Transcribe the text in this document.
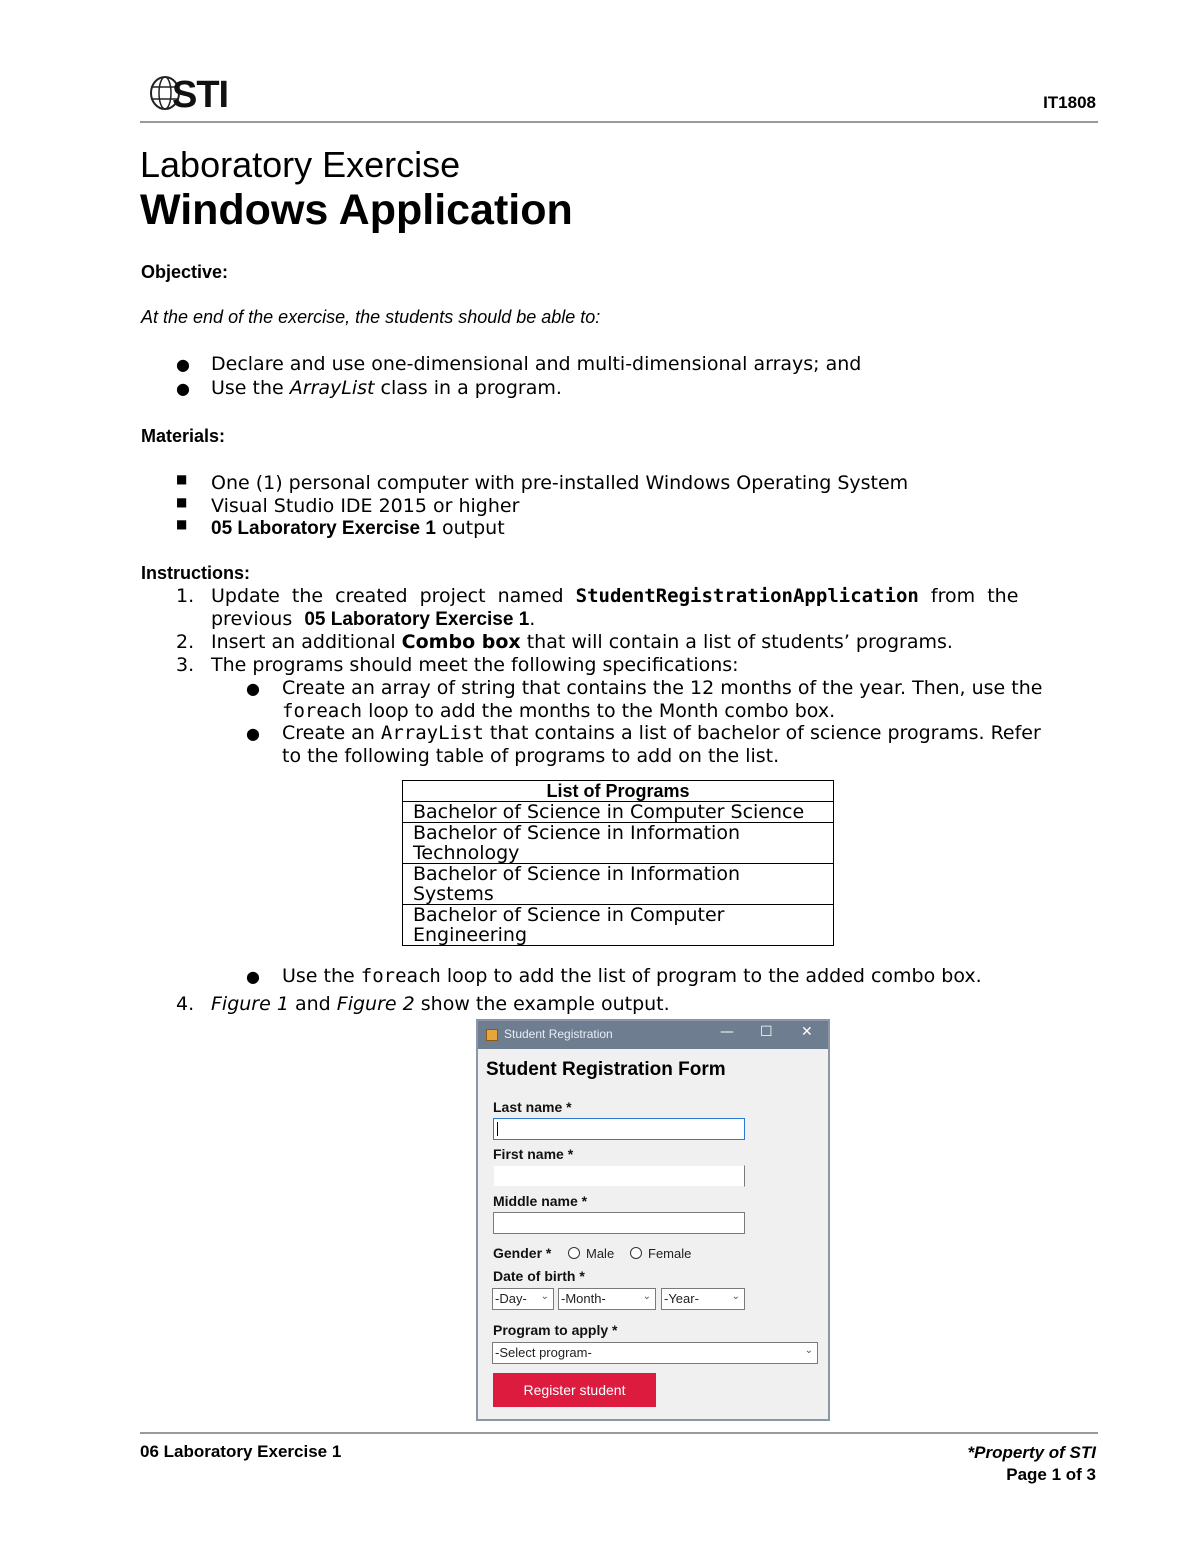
STI	IT1808
Laboratory Exercise
Windows Application
Objective:
At the end of the exercise, the students should be able to:
● Declare and use one-dimensional and multi-dimensional arrays; and
● Use the ArrayList class in a program.
Materials:
■ One (1) personal computer with pre-installed Windows Operating System
■ Visual Studio IDE 2015 or higher
■ 05 Laboratory Exercise 1 output
Instructions:
1. Update  the  created  project  named  StudentRegistrationApplication  from  the
previous  05 Laboratory Exercise 1.
2. Insert an additional Combo box that will contain a list of students’ programs.
3. The programs should meet the following specifications:
● Create an array of string that contains the 12 months of the year. Then, use the
foreach loop to add the months to the Month combo box.
● Create an ArrayList that contains a list of bachelor of science programs. Refer
to the following table of programs to add on the list.
List of Programs
Bachelor of Science in Computer Science
Bachelor of Science in Information Technology
Bachelor of Science in Information Systems
Bachelor of Science in Computer Engineering
● Use the foreach loop to add the list of program to the added combo box.
4. Figure 1 and Figure 2 show the example output.
Student Registration	— ☐ ✕
Student Registration Form
Last name *
First name *
Middle name *
Gender *	Male	Female
Date of birth *
-Day- ⌄ -Month-	⌄ -Year-	⌄
Program to apply *
-Select program-	⌄
Register student
06 Laboratory Exercise 1	*Property of STI
Page 1 of 3
